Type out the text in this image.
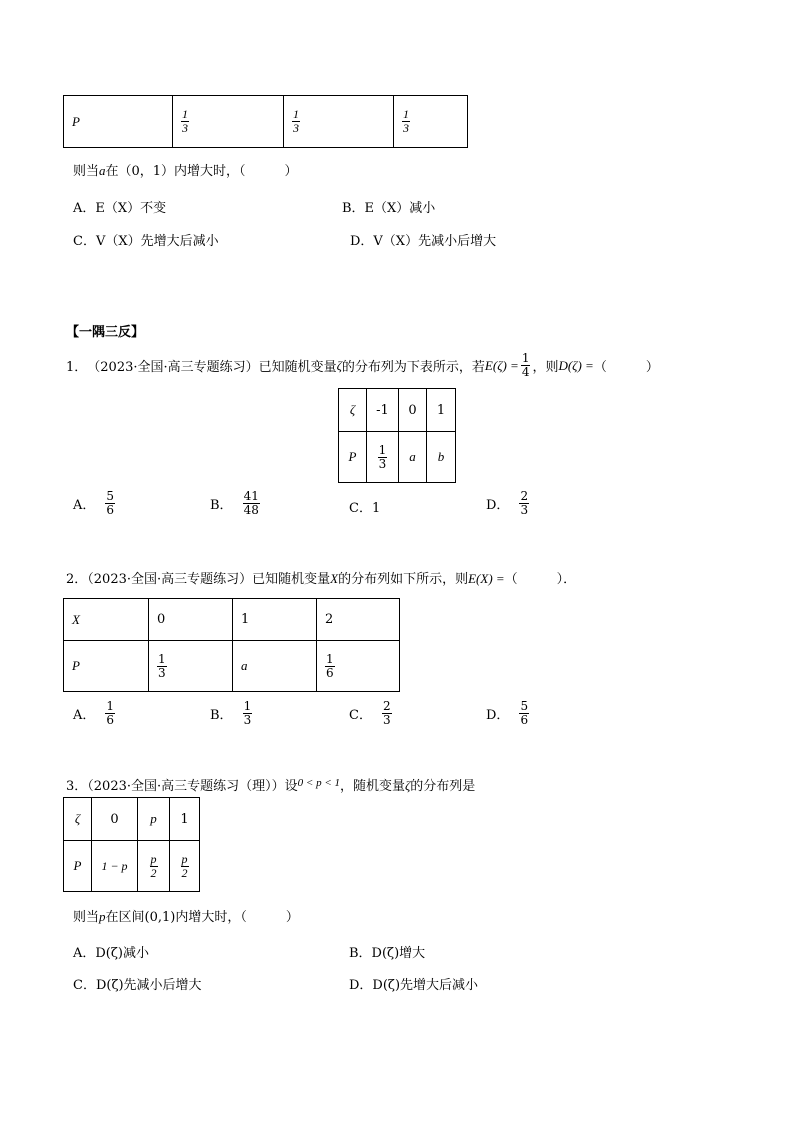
P	$\frac{1}{3}$	$\frac{1}{3}$	$\frac{1}{3}$
则当a在（0，1）内增大时，（　　　）
A．E（X）不变	B．E（X）减小
C．V（X）先增大后减小	D．V（X）先减小后增大
【一隅三反】
1． （2023·全国·高三专题练习）已知随机变量 ζ 的分布列为下表所示，若 $E(\zeta) = \frac{1}{4}$ ，则 D(ζ) = （　　　）
ζ	-1	0	1
P	$\frac{1}{3}$	a	b
A． $\frac{5}{6}$	B． $\frac{41}{48}$	C．1	D． $\frac{2}{3}$
2．（2023·全国·高三专题练习）已知随机变量X的分布列如下所示，则E(X) =（　　　）．
X	0	1	2
P	$\frac{1}{3}$	a	$\frac{1}{6}$
A． $\frac{1}{6}$	B． $\frac{1}{3}$	C． $\frac{2}{3}$	D． $\frac{5}{6}$
3．（2023·全国·高三专题练习（理））设$^{0 < p < 1}$，随机变量ζ的分布列是
ζ	0	p	1
P	1 − p	$\frac{p}{2}$	$\frac{p}{2}$
则当p在区间(0,1)内增大时，（　　　）
A．D(ζ)减小	B．D(ζ)增大
C．D(ζ)先减小后增大	D．D(ζ)先增大后减小
